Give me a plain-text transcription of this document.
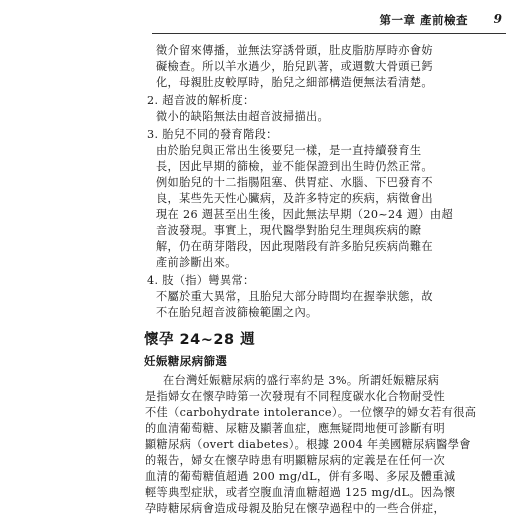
第一章 產前檢查 9
徵介留來傳播，並無法穿誘骨頭，肚皮脂肪厚時亦會妨
礙檢查。所以羊水過少，胎兒趴著，或週數大骨頭已鈣
化，母親肚皮較厚時，胎兒之細部構造便無法看清楚。
2. 超音波的解析度：
微小的缺陷無法由超音波掃描出。
3. 胎兒不同的發育階段：
由於胎兒與正常出生後要兒一樣，是一直持續發育生
長，因此早期的篩檢，並不能保證到出生時仍然正常。
例如胎兒的十二指腸阻塞、供胃症、水腦、下巴發育不
良，某些先天性心臟病，及許多特定的疾病，病徵會出
現在 26 週甚至出生後，因此無法早期（20~24 週）由超
音波發現。事實上，現代醫學對胎兒生理與疾病的瞭
解，仍在萌芽階段，因此現階段有許多胎兒疾病尚難在
產前診斷出來。
4. 肢（指）彎異常：
不屬於重大異常，且胎兒大部分時間均在握拳狀態，故
不在胎兒超音波篩檢範圍之內。
懷孕 24~28 週
妊娠糖尿病篩選
在台灣妊娠糖尿病的盛行率約是 3%。所謂妊娠糖尿病
是指婦女在懷孕時第一次發現有不同程度碳水化合物耐受性
不佳（carbohydrate intolerance）。一位懷孕的婦女若有很高
的血清葡萄糖、尿糖及顯著血症，應無疑問地便可診斷有明
顯糖尿病（overt diabetes）。根據 2004 年美國糖尿病醫學會
的報告，婦女在懷孕時患有明顯糖尿病的定義是在任何一次
血清的葡萄糖值超過 200 mg/dL，併有多喝、多尿及體重減
輕等典型症狀，或者空腹血清血糖超過 125 mg/dL。因為懷
孕時糖尿病會造成母親及胎兒在懷孕過程中的一些合併症，
